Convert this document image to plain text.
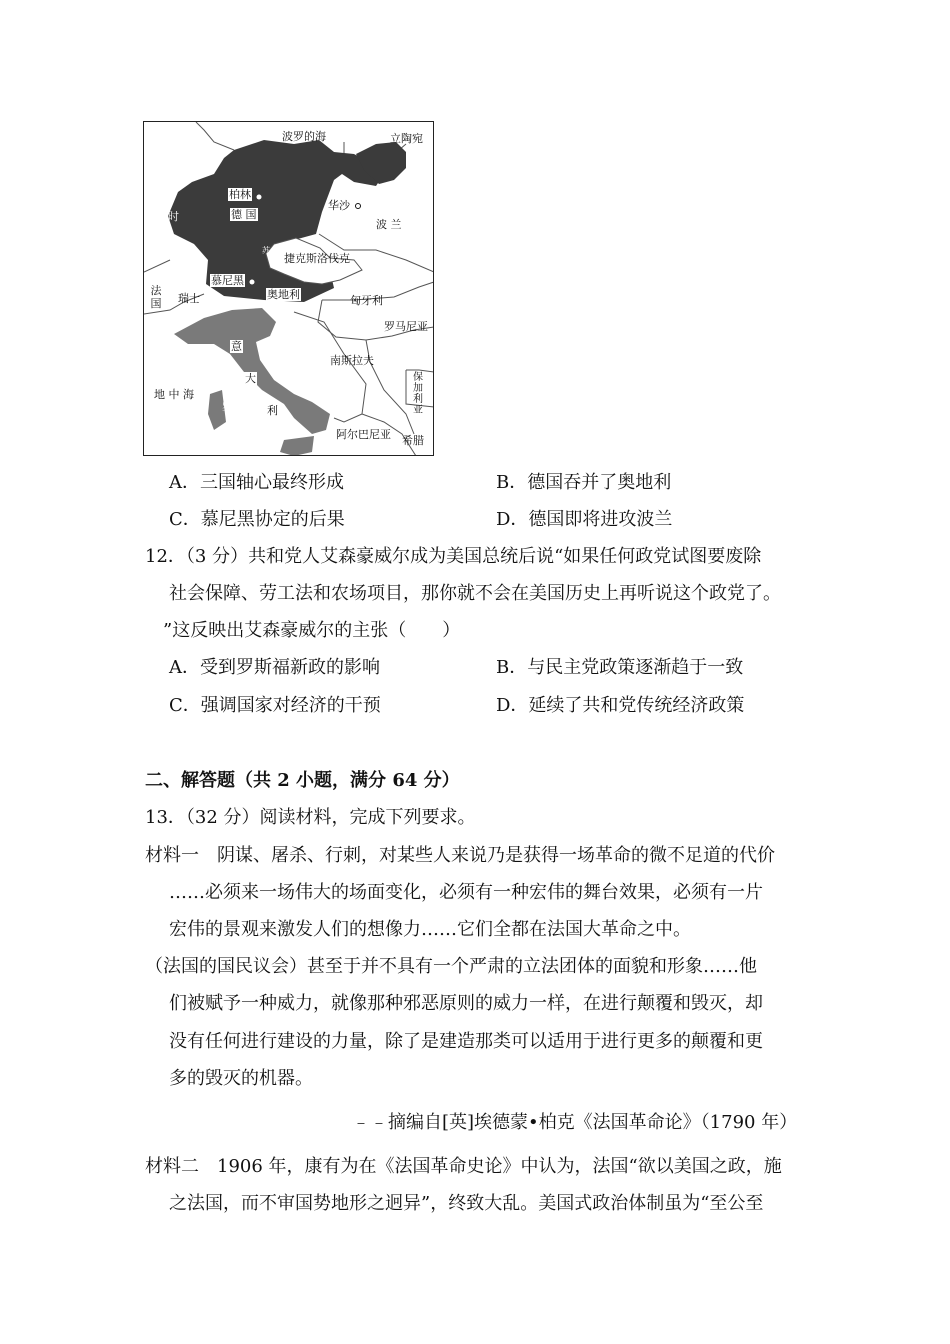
波罗的海	立陶宛
柏林
德 国
华沙
波 兰
比利时
卢
苏台德地区
捷克斯洛伐克
慕尼黑
奥地利	匈牙利
法国 瑞士
罗马尼亚
意
大
利
南斯拉夫
保加利亚
地 中 海
罗马
阿尔巴尼亚 希腊
A．三国轴心最终形成	B．德国吞并了奥地利
C．慕尼黑协定的后果	D．德国即将进攻波兰
12．（3 分）共和党人艾森豪威尔成为美国总统后说“如果任何政党试图要废除
社会保障、劳工法和农场项目，那你就不会在美国历史上再听说这个政党了。
”这反映出艾森豪威尔的主张（　　）
A．受到罗斯福新政的影响	B．与民主党政策逐渐趋于一致
C．强调国家对经济的干预	D．延续了共和党传统经济政策
二、解答题（共 2 小题，满分 64 分）
13．（32 分）阅读材料，完成下列要求。
材料一　阴谋、屠杀、行刺，对某些人来说乃是获得一场革命的微不足道的代价
……必须来一场伟大的场面变化，必须有一种宏伟的舞台效果，必须有一片
宏伟的景观来激发人们的想像力……它们全都在法国大革命之中。
（法国的国民议会）甚至于并不具有一个严肃的立法团体的面貌和形象……他
们被赋予一种威力，就像那种邪恶原则的威力一样，在进行颠覆和毁灭，却
没有任何进行建设的力量，除了是建造那类可以适用于进行更多的颠覆和更
多的毁灭的机器。
﹣﹣摘编自[英]埃德蒙•柏克《法国革命论》（1790 年）
材料二　1906 年，康有为在《法国革命史论》中认为，法国“欲以美国之政，施
之法国，而不审国势地形之迥异”，终致大乱。美国式政治体制虽为“至公至
